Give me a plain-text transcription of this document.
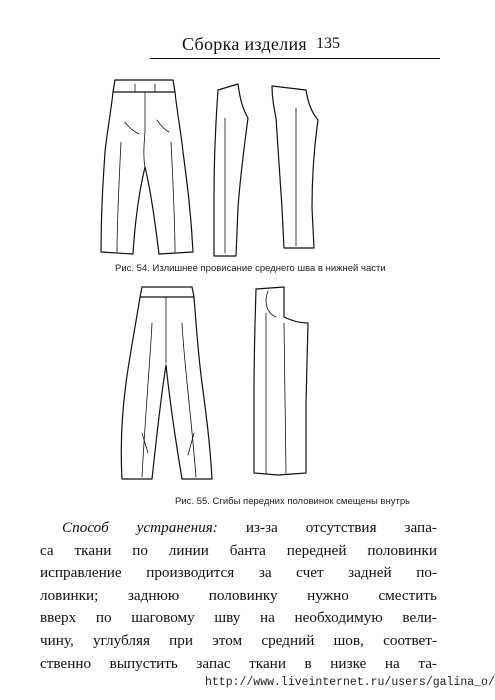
Сборка изделия 135
Рис. 54. Излишнее провисание среднего шва в нижней части
Рис. 55. Сгибы передних половинок смещены внутрь
Способ устранения: из-за отсутствия запа-
са ткани по линии банта передней половинки
исправление производится за счет задней по-
ловинки; заднюю половинку нужно сместить
вверх по шаговому шву на необходимую вели-
чину, углубляя при этом средний шов, соответ-
ственно выпустить запас ткани в низке на та-
http://www.liveinternet.ru/users/galina_o/
